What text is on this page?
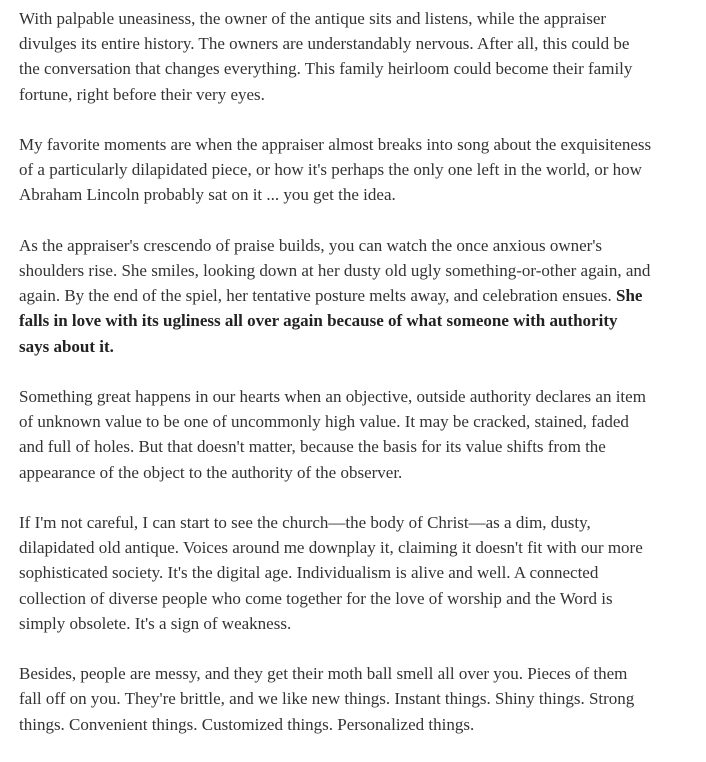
With palpable uneasiness, the owner of the antique sits and listens, while the appraiser
divulges its entire history. The owners are understandably nervous. After all, this could be
the conversation that changes everything. This family heirloom could become their family
fortune, right before their very eyes.

My favorite moments are when the appraiser almost breaks into song about the exquisiteness
of a particularly dilapidated piece, or how it's perhaps the only one left in the world, or how
Abraham Lincoln probably sat on it ... you get the idea.

As the appraiser's crescendo of praise builds, you can watch the once anxious owner's
shoulders rise. She smiles, looking down at her dusty old ugly something-or-other again, and
again. By the end of the spiel, her tentative posture melts away, and celebration ensues. She
falls in love with its ugliness all over again because of what someone with authority
says about it.

Something great happens in our hearts when an objective, outside authority declares an item
of unknown value to be one of uncommonly high value. It may be cracked, stained, faded
and full of holes. But that doesn't matter, because the basis for its value shifts from the
appearance of the object to the authority of the observer.

If I'm not careful, I can start to see the church—the body of Christ—as a dim, dusty,
dilapidated old antique. Voices around me downplay it, claiming it doesn't fit with our more
sophisticated society. It's the digital age. Individualism is alive and well. A connected
collection of diverse people who come together for the love of worship and the Word is
simply obsolete. It's a sign of weakness.

Besides, people are messy, and they get their moth ball smell all over you. Pieces of them
fall off on you. They're brittle, and we like new things. Instant things. Shiny things. Strong
things. Convenient things. Customized things. Personalized things.
